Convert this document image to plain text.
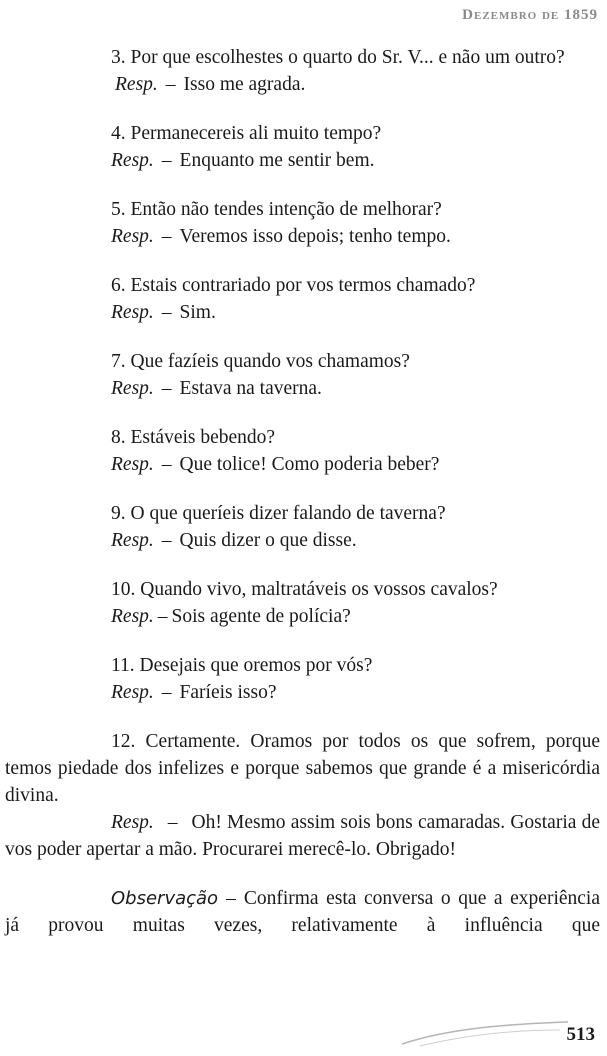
Dezembro de 1859
3. Por que escolhestes o quarto do Sr. V... e não um outro?
Resp. – Isso me agrada.
4. Permanecereis ali muito tempo?
Resp. – Enquanto me sentir bem.
5. Então não tendes intenção de melhorar?
Resp. – Veremos isso depois; tenho tempo.
6. Estais contrariado por vos termos chamado?
Resp. – Sim.
7. Que fazíeis quando vos chamamos?
Resp. – Estava na taverna.
8. Estáveis bebendo?
Resp. – Que tolice! Como poderia beber?
9. O que queríeis dizer falando de taverna?
Resp. – Quis dizer o que disse.
10. Quando vivo, maltratáveis os vossos cavalos?
Resp. – Sois agente de polícia?
11. Desejais que oremos por vós?
Resp. – Faríeis isso?
12. Certamente. Oramos por todos os que sofrem, porque temos piedade dos infelizes e porque sabemos que grande é a misericórdia divina.
Resp. – Oh! Mesmo assim sois bons camaradas. Gostaria de vos poder apertar a mão. Procurarei merecê-lo. Obrigado!
Observação – Confirma esta conversa o que a experiência já provou muitas vezes, relativamente à influência que
513
